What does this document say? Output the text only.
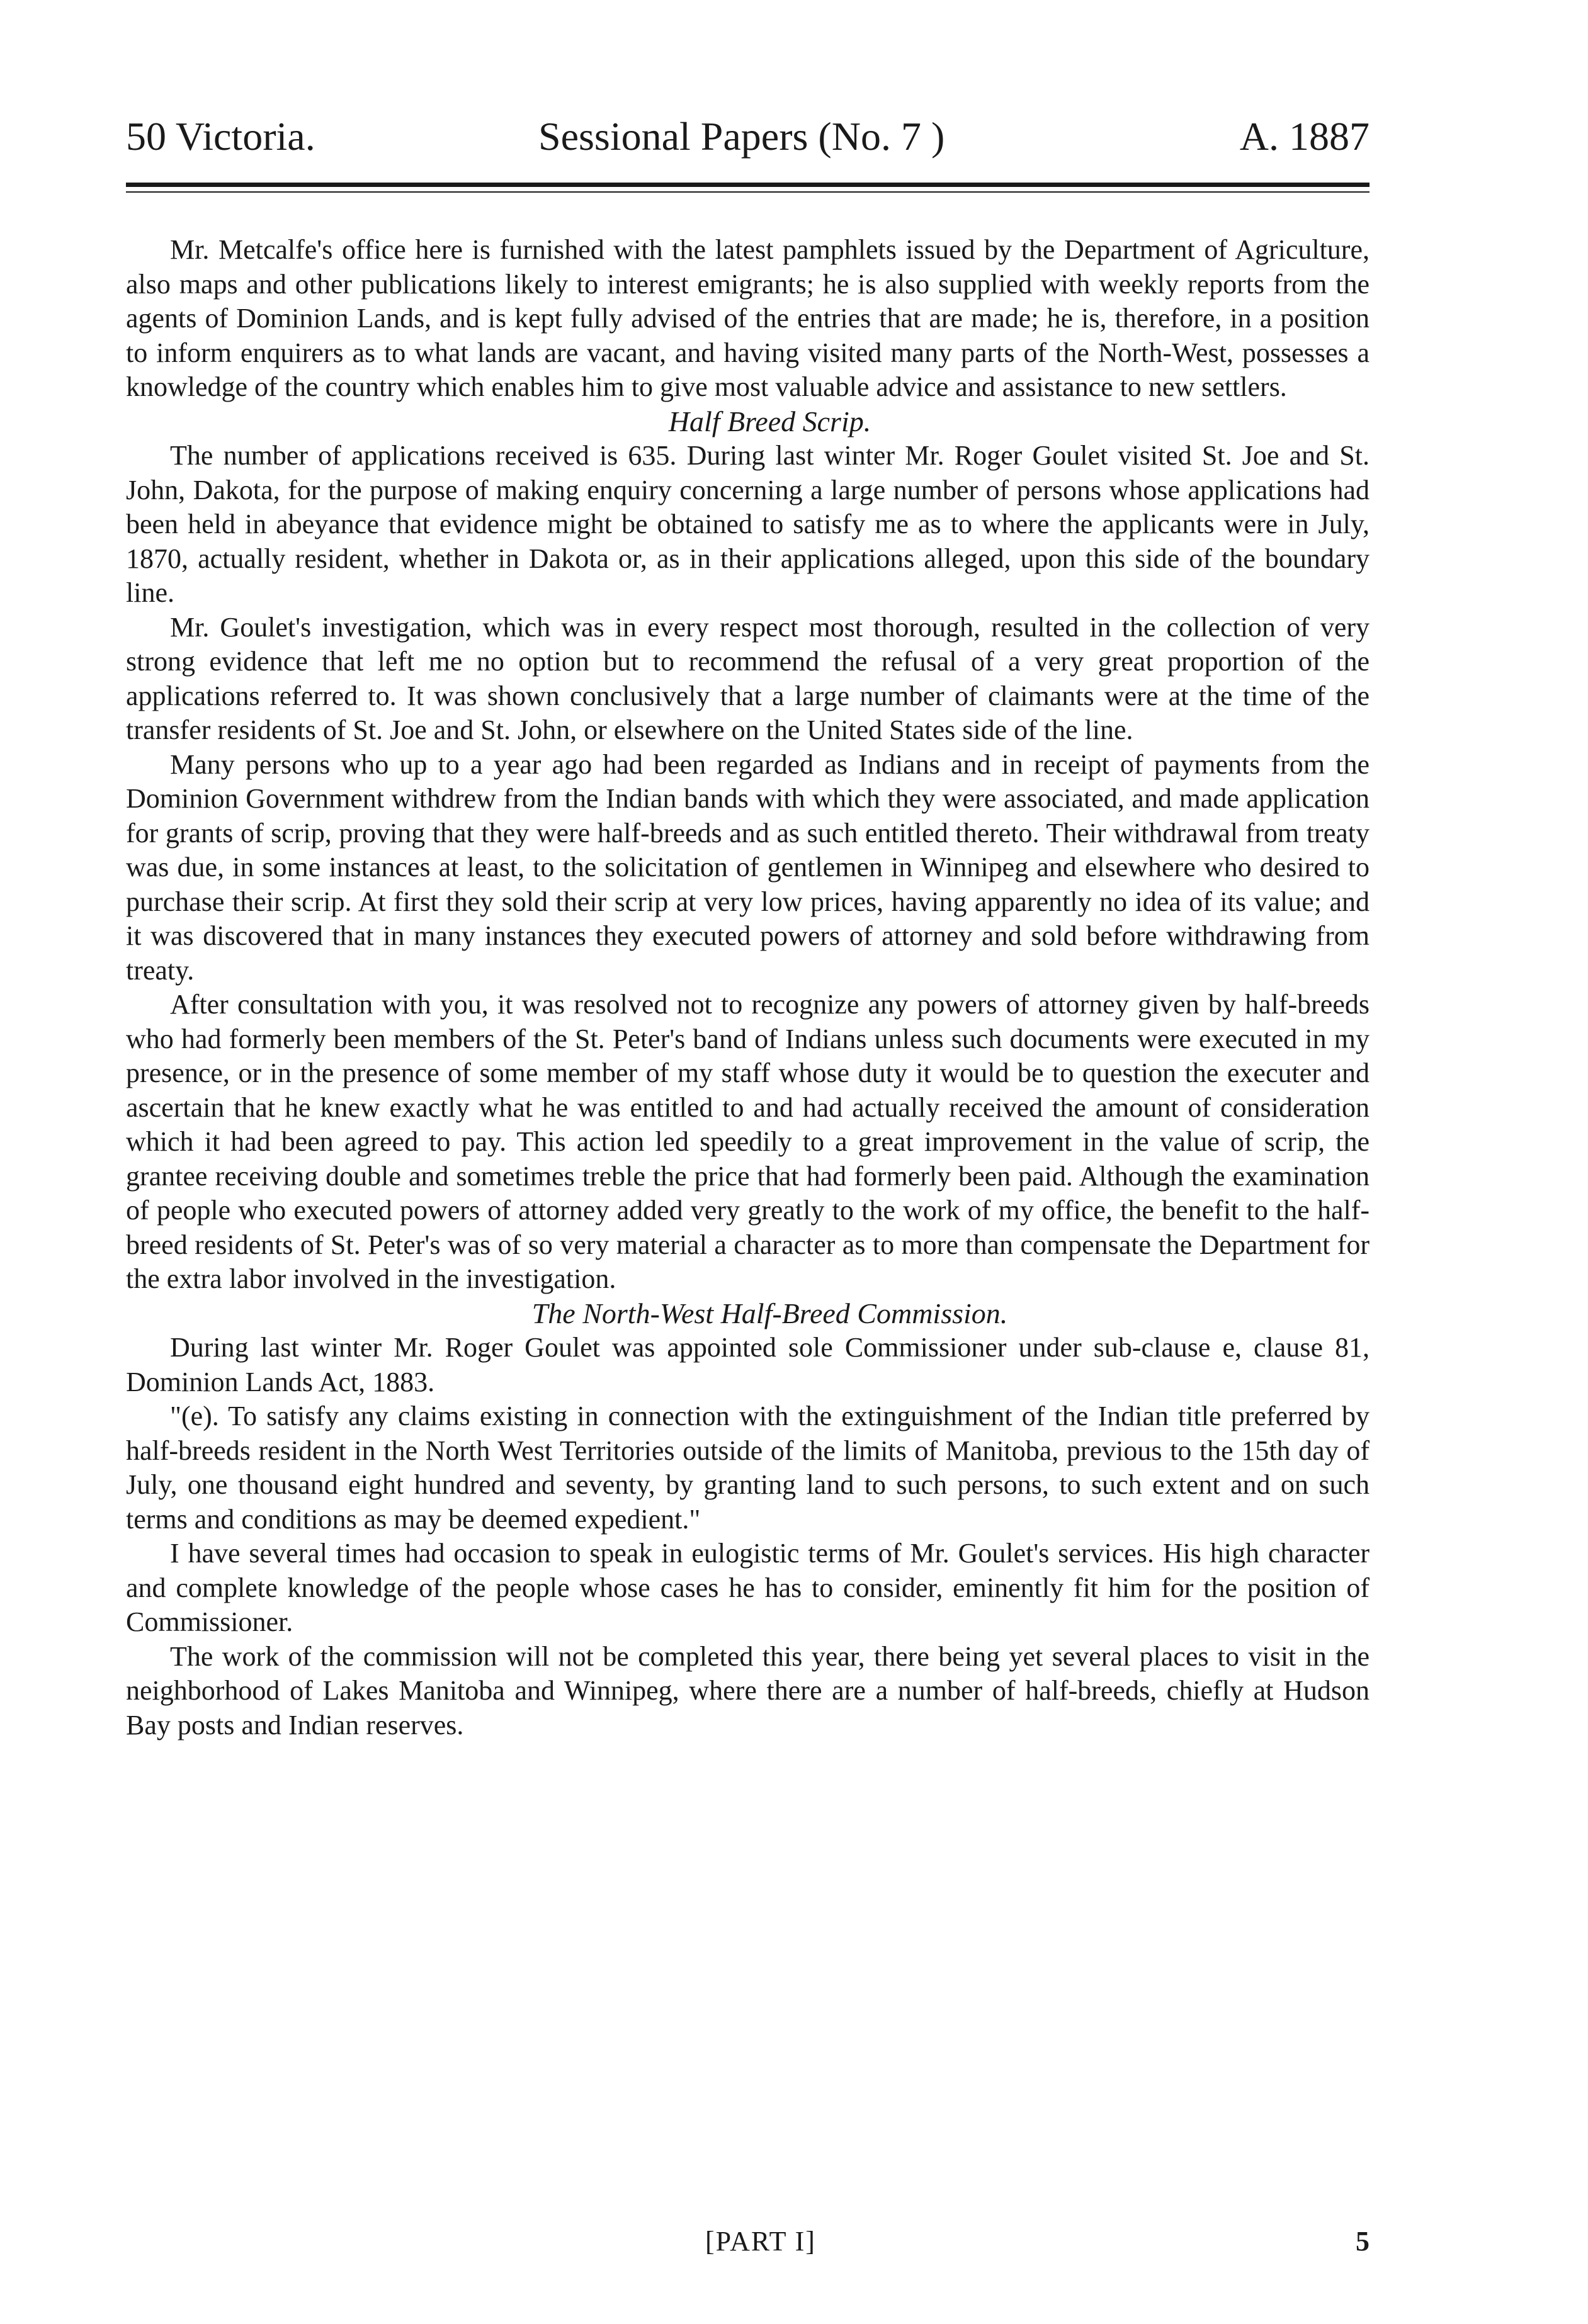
50 Victoria.	Sessional Papers (No. 7 )	A. 1887

Mr. Metcalfe's office here is furnished with the latest pamphlets issued by the Department of Agriculture, also maps and other publications likely to interest emigrants; he is also supplied with weekly reports from the agents of Dominion Lands, and is kept fully advised of the entries that are made; he is, therefore, in a position to inform enquirers as to what lands are vacant, and having visited many parts of the North-West, possesses a knowledge of the country which enables him to give most valuable advice and assistance to new settlers.

Half Breed Scrip.

The number of applications received is 635. During last winter Mr. Roger Goulet visited St. Joe and St. John, Dakota, for the purpose of making enquiry concerning a large number of persons whose applications had been held in abeyance that evidence might be obtained to satisfy me as to where the applicants were in July, 1870, actually resident, whether in Dakota or, as in their applications alleged, upon this side of the boundary line.

Mr. Goulet's investigation, which was in every respect most thorough, resulted in the collection of very strong evidence that left me no option but to recommend the refusal of a very great proportion of the applications referred to. It was shown conclusively that a large number of claimants were at the time of the transfer residents of St. Joe and St. John, or elsewhere on the United States side of the line.

Many persons who up to a year ago had been regarded as Indians and in receipt of payments from the Dominion Government withdrew from the Indian bands with which they were associated, and made application for grants of scrip, proving that they were half-breeds and as such entitled thereto. Their withdrawal from treaty was due, in some instances at least, to the solicitation of gentlemen in Winnipeg and elsewhere who desired to purchase their scrip. At first they sold their scrip at very low prices, having apparently no idea of its value; and it was discovered that in many instances they executed powers of attorney and sold before withdrawing from treaty.

After consultation with you, it was resolved not to recognize any powers of attorney given by half-breeds who had formerly been members of the St. Peter's band of Indians unless such documents were executed in my presence, or in the presence of some member of my staff whose duty it would be to question the executer and ascertain that he knew exactly what he was entitled to and had actually received the amount of consideration which it had been agreed to pay. This action led speedily to a great improvement in the value of scrip, the grantee receiving double and sometimes treble the price that had formerly been paid. Although the examination of people who executed powers of attorney added very greatly to the work of my office, the benefit to the half-breed residents of St. Peter's was of so very material a character as to more than compensate the Department for the extra labor involved in the investigation.

The North-West Half-Breed Commission.

During last winter Mr. Roger Goulet was appointed sole Commissioner under sub-clause e, clause 81, Dominion Lands Act, 1883.

"(e). To satisfy any claims existing in connection with the extinguishment of the Indian title preferred by half-breeds resident in the North West Territories outside of the limits of Manitoba, previous to the 15th day of July, one thousand eight hundred and seventy, by granting land to such persons, to such extent and on such terms and conditions as may be deemed expedient."

I have several times had occasion to speak in eulogistic terms of Mr. Goulet's services. His high character and complete knowledge of the people whose cases he has to consider, eminently fit him for the position of Commissioner.

The work of the commission will not be completed this year, there being yet several places to visit in the neighborhood of Lakes Manitoba and Winnipeg, where there are a number of half-breeds, chiefly at Hudson Bay posts and Indian reserves.

[PART I]	5
